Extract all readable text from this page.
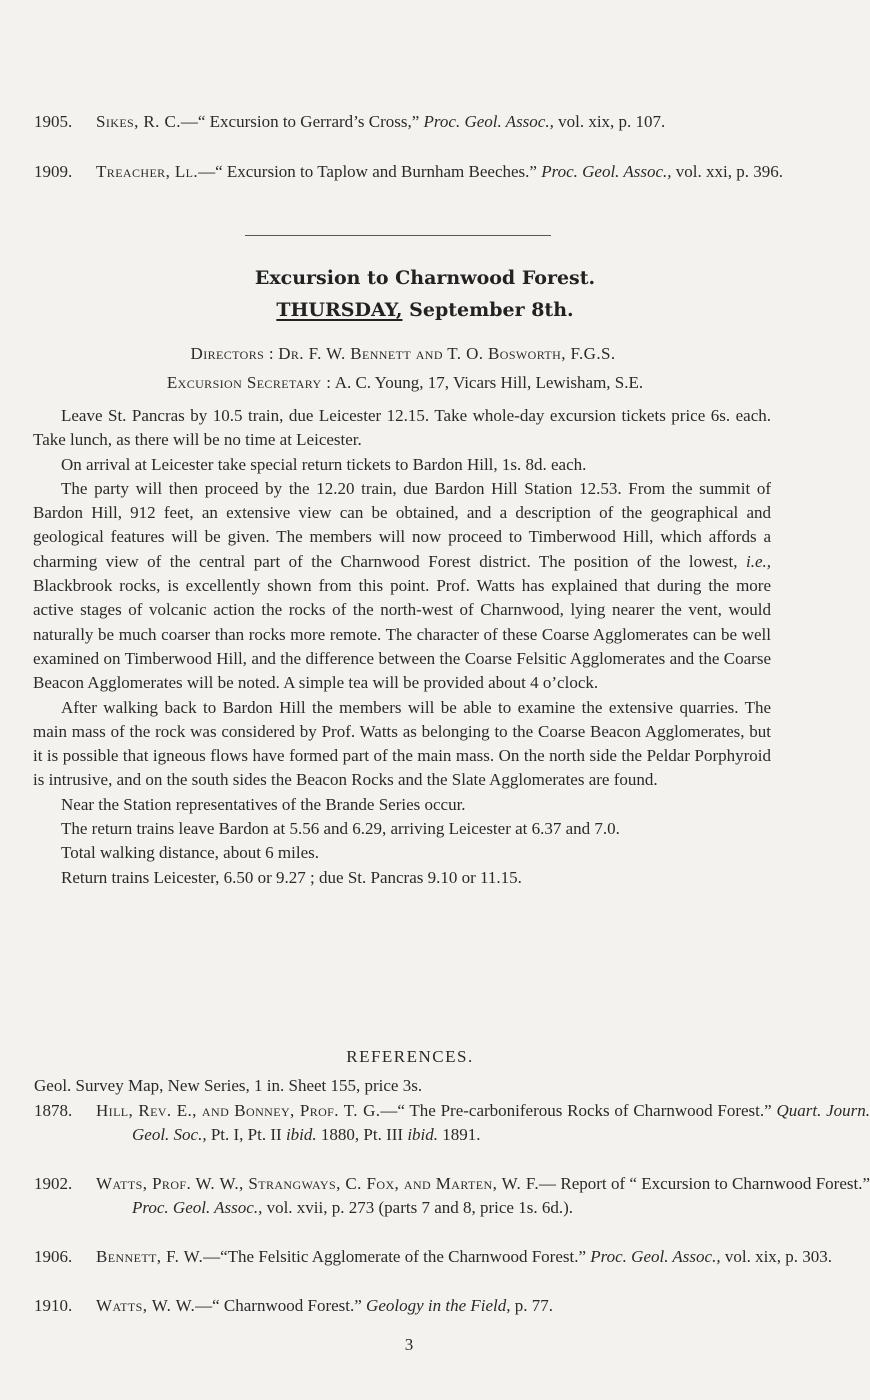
1905. Sikes, R. C.—“ Excursion to Gerrard’s Cross,” Proc. Geol. Assoc., vol. xix, p. 107.
1909. Treacher, Ll.—“ Excursion to Taplow and Burnham Beeches.” Proc. Geol. Assoc., vol. xxi, p. 396.
Excursion to Charnwood Forest.
THURSDAY, September 8th.
Directors : Dr. F. W. Bennett and T. O. Bosworth, F.G.S.
Excursion Secretary : A. C. Young, 17, Vicars Hill, Lewisham, S.E.

Leave St. Pancras by 10.5 train, due Leicester 12.15. Take whole-day excursion tickets price 6s. each. Take lunch, as there will be no time at Leicester.

On arrival at Leicester take special return tickets to Bardon Hill, 1s. 8d. each.

The party will then proceed by the 12.20 train, due Bardon Hill Station 12.53. From the summit of Bardon Hill, 912 feet, an extensive view can be obtained, and a description of the geographical and geological features will be given. The members will now proceed to Timberwood Hill, which affords a charming view of the central part of the Charnwood Forest district. The position of the lowest, i.e., Blackbrook rocks, is excellently shown from this point. Prof. Watts has explained that during the more active stages of volcanic action the rocks of the north-west of Charnwood, lying nearer the vent, would naturally be much coarser than rocks more remote. The character of these Coarse Agglomerates can be well examined on Timberwood Hill, and the difference between the Coarse Felsitic Agglomerates and the Coarse Beacon Agglomerates will be noted. A simple tea will be provided about 4 o’clock.

After walking back to Bardon Hill the members will be able to examine the extensive quarries. The main mass of the rock was considered by Prof. Watts as belonging to the Coarse Beacon Agglomerates, but it is possible that igneous flows have formed part of the main mass. On the north side the Peldar Porphyroid is intrusive, and on the south sides the Beacon Rocks and the Slate Agglomerates are found.

Near the Station representatives of the Brande Series occur.

The return trains leave Bardon at 5.56 and 6.29, arriving Leicester at 6.37 and 7.0.

Total walking distance, about 6 miles.

Return trains Leicester, 6.50 or 9.27 ; due St. Pancras 9.10 or 11.15.

REFERENCES.
Geol. Survey Map, New Series, 1 in. Sheet 155, price 3s.
1878. Hill, Rev. E., and Bonney, Prof. T. G.—“ The Pre-carboniferous Rocks of Charnwood Forest.” Quart. Journ. Geol. Soc., Pt. I, Pt. II ibid. 1880, Pt. III ibid. 1891.
1902. Watts, Prof. W. W., Strangways, C. Fox, and Marten, W. F.— Report of “ Excursion to Charnwood Forest.” Proc. Geol. Assoc., vol. xvii, p. 273 (parts 7 and 8, price 1s. 6d.).
1906. Bennett, F. W.—“The Felsitic Agglomerate of the Charnwood Forest.” Proc. Geol. Assoc., vol. xix, p. 303.
1910. Watts, W. W.—“ Charnwood Forest.” Geology in the Field, p. 77.
3
